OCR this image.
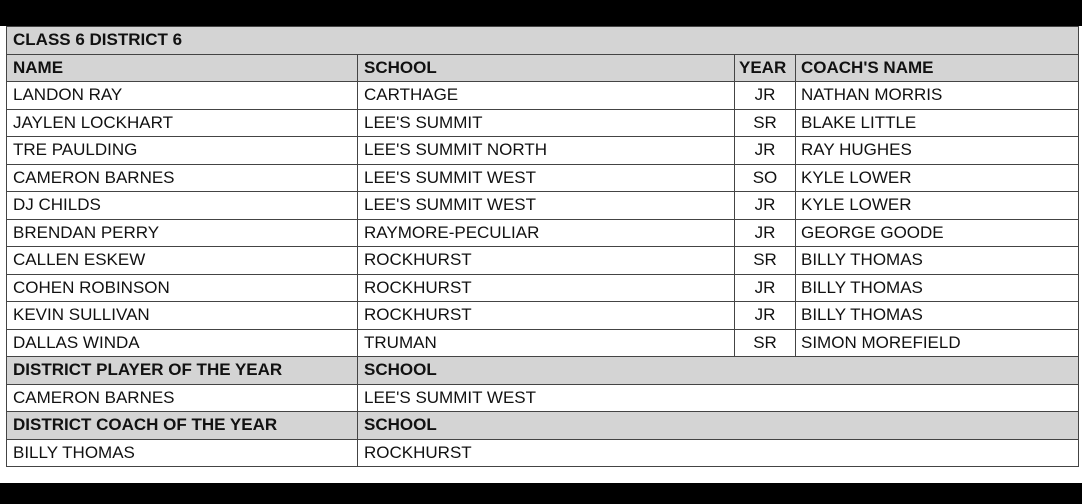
CLASS 6 DISTRICT 6			
NAME	SCHOOL	YEAR	COACH'S NAME
LANDON RAY	CARTHAGE	JR	NATHAN MORRIS
JAYLEN LOCKHART	LEE'S SUMMIT	SR	BLAKE LITTLE
TRE PAULDING	LEE'S SUMMIT NORTH	JR	RAY HUGHES
CAMERON BARNES	LEE'S SUMMIT WEST	SO	KYLE LOWER
DJ CHILDS	LEE'S SUMMIT WEST	JR	KYLE LOWER
BRENDAN PERRY	RAYMORE-PECULIAR	JR	GEORGE GOODE
CALLEN ESKEW	ROCKHURST	SR	BILLY THOMAS
COHEN ROBINSON	ROCKHURST	JR	BILLY THOMAS
KEVIN SULLIVAN	ROCKHURST	JR	BILLY THOMAS
DALLAS WINDA	TRUMAN	SR	SIMON MOREFIELD
DISTRICT PLAYER OF THE YEAR	SCHOOL		
CAMERON BARNES	LEE'S SUMMIT WEST		
DISTRICT COACH OF THE YEAR	SCHOOL		
BILLY THOMAS	ROCKHURST		
